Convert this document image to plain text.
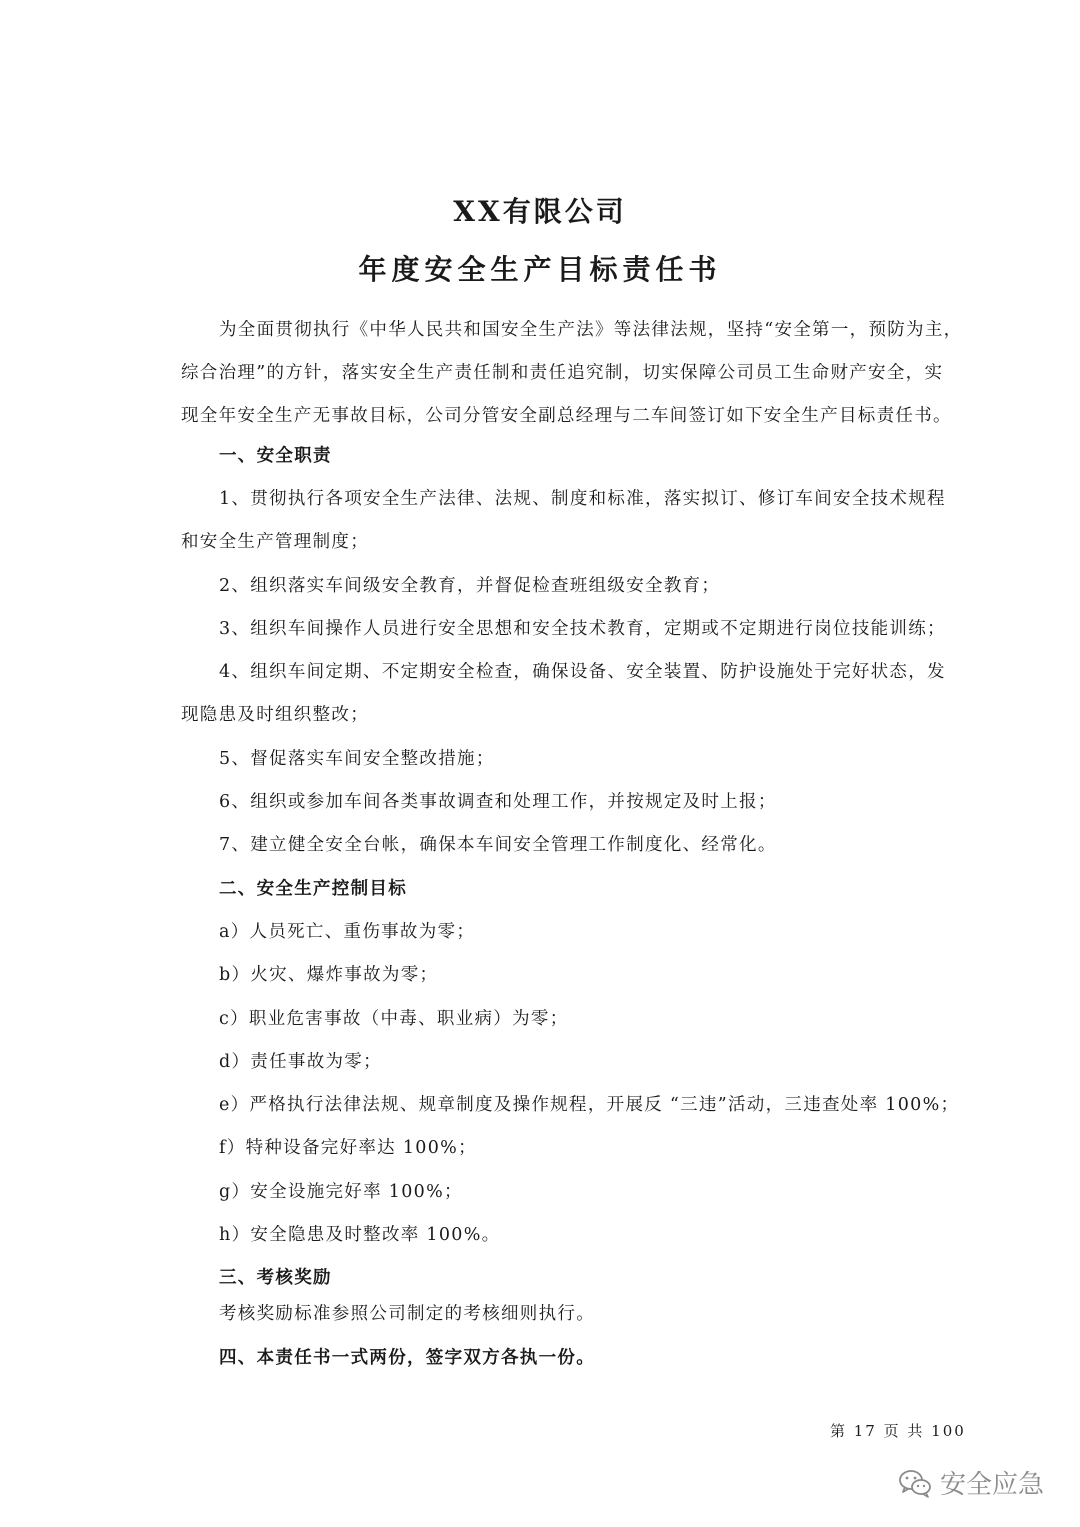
XX有限公司
年度安全生产目标责任书
为全面贯彻执行《中华人民共和国安全生产法》等法律法规，坚持“安全第一，预防为主，
综合治理”的方针，落实安全生产责任制和责任追究制，切实保障公司员工生命财产安全，实
现全年安全生产无事故目标，公司分管安全副总经理与二车间签订如下安全生产目标责任书。
一、安全职责
1、贯彻执行各项安全生产法律、法规、制度和标准，落实拟订、修订车间安全技术规程
和安全生产管理制度；
2、组织落实车间级安全教育，并督促检查班组级安全教育；
3、组织车间操作人员进行安全思想和安全技术教育，定期或不定期进行岗位技能训练；
4、组织车间定期、不定期安全检查，确保设备、安全装置、防护设施处于完好状态，发
现隐患及时组织整改；
5、督促落实车间安全整改措施；
6、组织或参加车间各类事故调查和处理工作，并按规定及时上报；
7、建立健全安全台帐，确保本车间安全管理工作制度化、经常化。
二、安全生产控制目标
a）人员死亡、重伤事故为零；
b）火灾、爆炸事故为零；
c）职业危害事故（中毒、职业病）为零；
d）责任事故为零；
e）严格执行法律法规、规章制度及操作规程，开展反 “三违”活动，三违查处率 100%；
f）特种设备完好率达 100%；
g）安全设施完好率 100%；
h）安全隐患及时整改率 100%。
三、考核奖励
考核奖励标准参照公司制定的考核细则执行。
四、本责任书一式两份，签字双方各执一份。
第 17 页 共 100
安全应急
